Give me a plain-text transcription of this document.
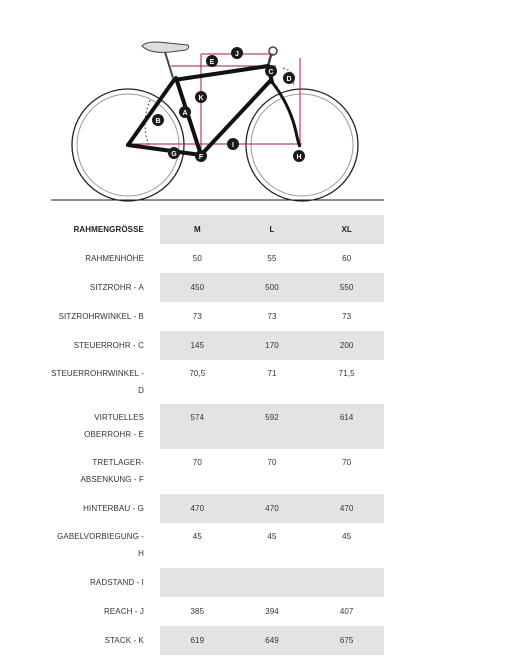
A
B
C
D
E
F
G	H
I
J
K
RAHMENGRÖSSE	M	L	XL
RAHMENHÖHE	50	55	60
SITZROHR - A	450	500	550
SITZROHRWINKEL - B	73	73	73
STEUERROHR - C	145	170	200

STEUERROHRWINKEL -
D	70,5	71	71,5

VIRTUELLES
OBERROHR - E	574	592	614

TRETLAGER-
ABSENKUNG - F	70	70	70
HINTERBAU - G	470	470	470

GABELVORBIEGUNG -
H	45	45	45
RADSTAND - I			
REACH - J	385	394	407
STACK - K	619	649	675
